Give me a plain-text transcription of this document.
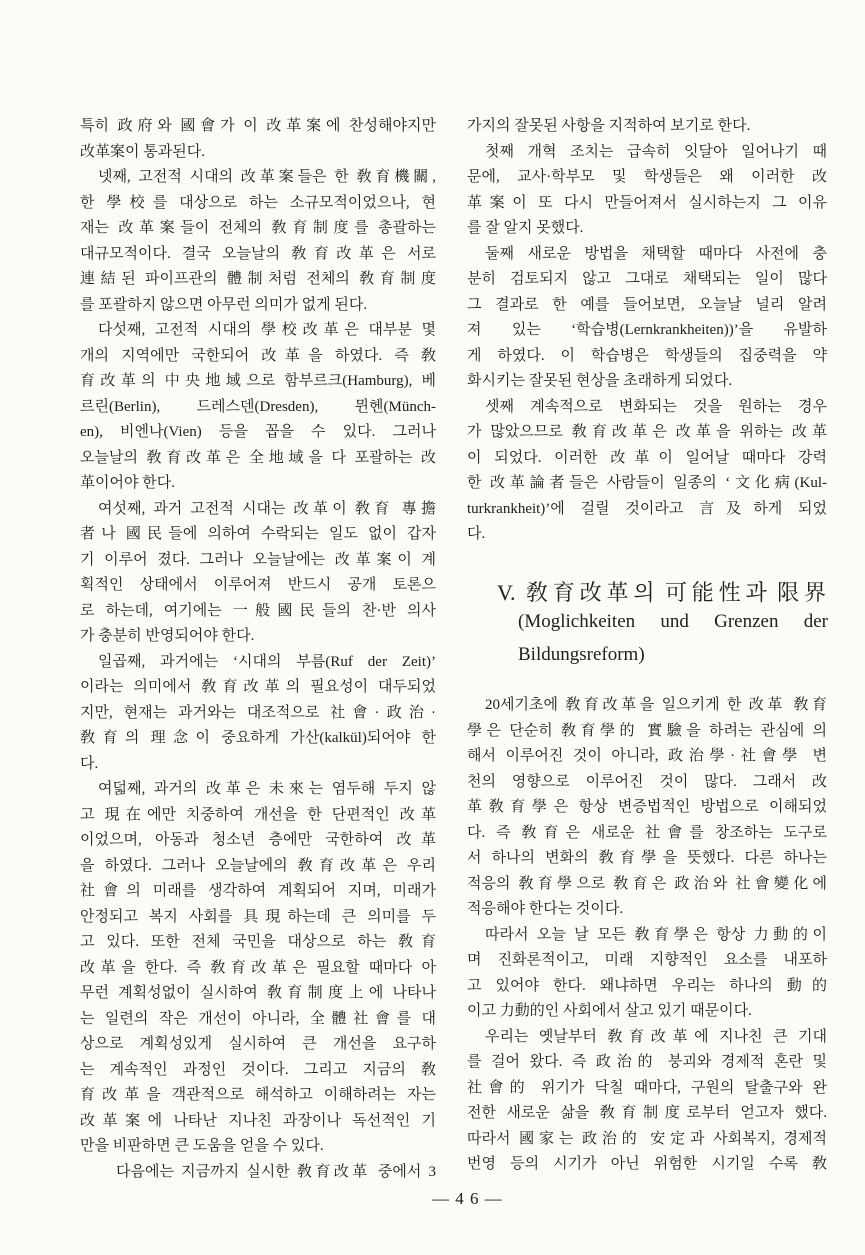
특히 政府와 國會가 이 改革案에 찬성해야지만
改革案이 통과된다.
넷째, 고전적 시대의 改革案들은 한 敎育機關,
한 學校를 대상으로 하는 소규모적이었으나, 현
재는 改革案들이 전체의 敎育制度를 총괄하는
대규모적이다. 결국 오늘날의 敎育改革은 서로
連結된 파이프관의 體制처럼 전체의 敎育制度
를 포괄하지 않으면 아무런 의미가 없게 된다.
다섯째, 고전적 시대의 學校改革은 대부분 몇
개의 지역에만 국한되어 改革을 하였다. 즉 敎
育改革의 中央地域으로 함부르크(Hamburg), 베
르린(Berlin), 드레스덴(Dresden), 뮌헨(Münch-
en), 비엔나(Vien) 등을 꼽을 수 있다. 그러나
오늘날의 敎育改革은 全地域을 다 포괄하는 改
革이어야 한다.
여섯째, 과거 고전적 시대는 改革이 敎育 專擔
者나 國民들에 의하여 수락되는 일도 없이 갑자
기 이루어 졌다. 그러나 오늘날에는 改革案이 계
획적인 상태에서 이루어져 반드시 공개 토론으
로 하는데, 여기에는 一般國民들의 찬·반 의사
가 충분히 반영되어야 한다.
일곱째, 과거에는 ‘시대의 부름(Ruf der Zeit)’
이라는 의미에서 敎育改革의 필요성이 대두되었
지만, 현재는 과거와는 대조적으로 社會·政治·
敎育의 理念이 중요하게 가산(kalkül)되어야 한
다.
여덟째, 과거의 改革은 未來는 염두해 두지 않
고 現在에만 치중하여 개선을 한 단편적인 改革
이었으며, 아동과 청소년 층에만 국한하여 改革
을 하였다. 그러나 오늘날에의 敎育改革은 우리
社會의 미래를 생각하여 계획되어 지며, 미래가
안정되고 복지 사회를 具現하는데 큰 의미를 두
고 있다. 또한 전체 국민을 대상으로 하는 敎育
改革을 한다. 즉 敎育改革은 필요할 때마다 아
무런 계획성없이 실시하여 敎育制度上에 나타나
는 일련의 작은 개선이 아니라, 全體社會를 대
상으로 계획성있게 실시하여 큰 개선을 요구하
는 계속적인 과정인 것이다. 그리고 지금의 敎
育改革을 객관적으로 해석하고 이해하려는 자는
改革案에 나타난 지나친 과장이나 독선적인 기
만을 비판하면 큰 도움을 얻을 수 있다.
다음에는 지금까지 실시한 敎育改革 중에서 3
가지의 잘못된 사항을 지적하여 보기로 한다.
첫째 개혁 조치는 급속히 잇달아 일어나기 때
문에, 교사·학부모 및 학생들은 왜 이러한 改
革案이 또 다시 만들어져서 실시하는지 그 이유
를 잘 알지 못했다.
둘째 새로운 방법을 채택할 때마다 사전에 충
분히 검토되지 않고 그대로 채택되는 일이 많다
그 결과로 한 예를 들어보면, 오늘날 널리 알려
져 있는 ‘학습병(Lernkrankheiten))’을 유발하
게 하였다. 이 학습병은 학생들의 집중력을 약
화시키는 잘못된 현상을 초래하게 되었다.
셋째 계속적으로 변화되는 것을 원하는 경우
가 많았으므로 敎育改革은 改革을 위하는 改革
이 되었다. 이러한 改革이 일어날 때마다 강력
한 改革論者들은 사람들이 일종의 ‘文化病(Kul-
turkrankheit)’에 걸릴 것이라고 言及하게 되었
다.
V. 敎育改革의 可能性과 限界
(Moglichkeiten und Grenzen der
Bildungsreform)
20세기초에 敎育改革을 일으키게 한 改革 敎育
學은 단순히 敎育學的 實驗을 하려는 관심에 의
해서 이루어진 것이 아니라, 政治學·社會學 변
천의 영향으로 이루어진 것이 많다. 그래서 改
革敎育學은 항상 변증법적인 방법으로 이해되었
다. 즉 敎育은 새로운 社會를 창조하는 도구로
서 하나의 변화의 敎育學을 뜻했다. 다른 하나는
적응의 敎育學으로 敎育은 政治와 社會變化에
적응해야 한다는 것이다.
따라서 오늘 날 모든 敎育學은 항상 力動的이
며 진화론적이고, 미래 지향적인 요소를 내포하
고 있어야 한다. 왜냐하면 우리는 하나의 動的
이고 力動的인 사회에서 살고 있기 때문이다.
우리는 옛날부터 敎育改革에 지나친 큰 기대
를 걸어 왔다. 즉 政治的 붕괴와 경제적 혼란 및
社會的 위기가 닥칠 때마다, 구원의 탈출구와 완
전한 새로운 삶을 敎育制度로부터 얻고자 했다.
따라서 國家는 政治的 安定과 사회복지, 경제적
번영 등의 시기가 아닌 위험한 시기일 수록 敎
— 4 6 —
